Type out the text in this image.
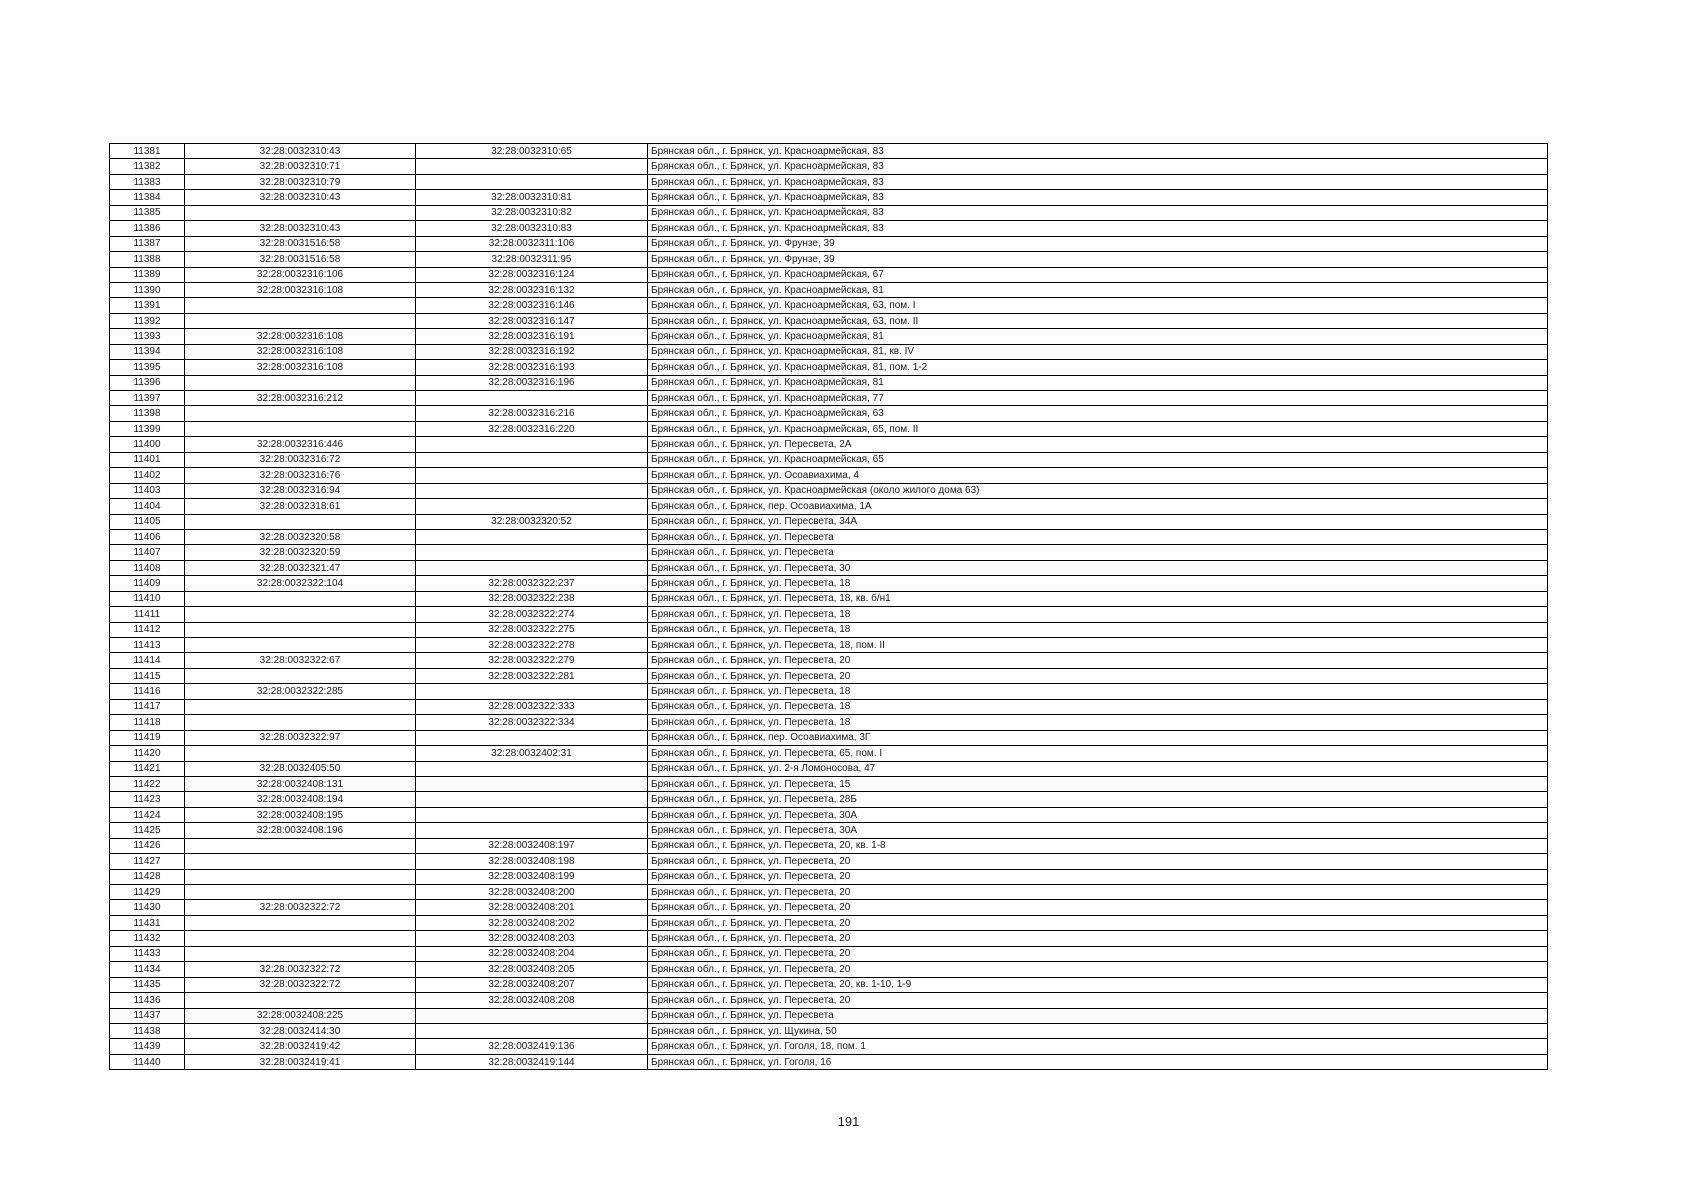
11381	32:28:0032310:43	32:28:0032310:65	Брянская обл., г. Брянск, ул. Красноармейская, 83
11382	32:28:0032310:71		Брянская обл., г. Брянск, ул. Красноармейская, 83
11383	32:28:0032310:79		Брянская обл., г. Брянск, ул. Красноармейская, 83
11384	32:28:0032310:43	32:28:0032310:81	Брянская обл., г. Брянск, ул. Красноармейская, 83
11385		32:28:0032310:82	Брянская обл., г. Брянск, ул. Красноармейская, 83
11386	32:28:0032310:43	32:28:0032310:83	Брянская обл., г. Брянск, ул. Красноармейская, 83
11387	32:28:0031516:58	32:28:0032311:106	Брянская обл., г. Брянск, ул. Фрунзе, 39
11388	32:28:0031516:58	32:28:0032311:95	Брянская обл., г. Брянск, ул. Фрунзе, 39
11389	32:28:0032316:106	32:28:0032316:124	Брянская обл., г. Брянск, ул. Красноармейская, 67
11390	32:28:0032316:108	32:28:0032316:132	Брянская обл., г. Брянск, ул. Красноармейская, 81
11391		32:28:0032316:146	Брянская обл., г. Брянск, ул. Красноармейская, 63, пом. I
11392		32:28:0032316:147	Брянская обл., г. Брянск, ул. Красноармейская, 63, пом. II
11393	32:28:0032316:108	32:28:0032316:191	Брянская обл., г. Брянск, ул. Красноармейская, 81
11394	32:28:0032316:108	32:28:0032316:192	Брянская обл., г. Брянск, ул. Красноармейская, 81, кв. IV
11395	32:28:0032316:108	32:28:0032316:193	Брянская обл., г. Брянск, ул. Красноармейская, 81, пом. 1-2
11396		32:28:0032316:196	Брянская обл., г. Брянск, ул. Красноармейская, 81
11397	32:28:0032316:212		Брянская обл., г. Брянск, ул. Красноармейская, 77
11398		32:28:0032316:216	Брянская обл., г. Брянск, ул. Красноармейская, 63
11399		32:28:0032316:220	Брянская обл., г. Брянск, ул. Красноармейская, 65, пом. II
11400	32:28:0032316:446		Брянская обл., г. Брянск, ул. Пересвета, 2А
11401	32:28:0032316:72		Брянская обл., г. Брянск, ул. Красноармейская, 65
11402	32:28:0032316:76		Брянская обл., г. Брянск, ул. Осоавиахима, 4
11403	32:28:0032316:94		Брянская обл., г. Брянск, ул. Красноармейская (около жилого дома 63)
11404	32:28:0032318:61		Брянская обл., г. Брянск, пер. Осоавиахима, 1А
11405		32:28:0032320:52	Брянская обл., г. Брянск, ул. Пересвета, 34А
11406	32:28:0032320:58		Брянская обл., г. Брянск, ул. Пересвета
11407	32:28:0032320:59		Брянская обл., г. Брянск, ул. Пересвета
11408	32:28:0032321:47		Брянская обл., г. Брянск, ул. Пересвета, 30
11409	32:28:0032322:104	32:28:0032322:237	Брянская обл., г. Брянск, ул. Пересвета, 18
11410		32:28:0032322:238	Брянская обл., г. Брянск, ул. Пересвета, 18, кв. б/н1
11411		32:28:0032322:274	Брянская обл., г. Брянск, ул. Пересвета, 18
11412		32:28:0032322:275	Брянская обл., г. Брянск, ул. Пересвета, 18
11413		32:28:0032322:278	Брянская обл., г. Брянск, ул. Пересвета, 18, пом. II
11414	32:28:0032322:67	32:28:0032322:279	Брянская обл., г. Брянск, ул. Пересвета, 20
11415		32:28:0032322:281	Брянская обл., г. Брянск, ул. Пересвета, 20
11416	32:28:0032322:285		Брянская обл., г. Брянск, ул. Пересвета, 18
11417		32:28:0032322:333	Брянская обл., г. Брянск, ул. Пересвета, 18
11418		32:28:0032322:334	Брянская обл., г. Брянск, ул. Пересвета, 18
11419	32:28:0032322:97		Брянская обл., г. Брянск, пер. Осоавиахима, 3Г
11420		32:28:0032402:31	Брянская обл., г. Брянск, ул. Пересвета, 65, пом. I
11421	32:28:0032405:50		Брянская обл., г. Брянск, ул. 2-я Ломоносова, 47
11422	32:28:0032408:131		Брянская обл., г. Брянск, ул. Пересвета, 15
11423	32:28:0032408:194		Брянская обл., г. Брянск, ул. Пересвета, 28Б
11424	32:28:0032408:195		Брянская обл., г. Брянск, ул. Пересвета, 30А
11425	32:28:0032408:196		Брянская обл., г. Брянск, ул. Пересвета, 30А
11426		32:28:0032408:197	Брянская обл., г. Брянск, ул. Пересвета, 20, кв. 1-8
11427		32:28:0032408:198	Брянская обл., г. Брянск, ул. Пересвета, 20
11428		32:28:0032408:199	Брянская обл., г. Брянск, ул. Пересвета, 20
11429		32:28:0032408:200	Брянская обл., г. Брянск, ул. Пересвета, 20
11430	32:28:0032322:72	32:28:0032408:201	Брянская обл., г. Брянск, ул. Пересвета, 20
11431		32:28:0032408:202	Брянская обл., г. Брянск, ул. Пересвета, 20
11432		32:28:0032408:203	Брянская обл., г. Брянск, ул. Пересвета, 20
11433		32:28:0032408:204	Брянская обл., г. Брянск, ул. Пересвета, 20
11434	32:28:0032322:72	32:28:0032408:205	Брянская обл., г. Брянск, ул. Пересвета, 20
11435	32:28:0032322:72	32:28:0032408:207	Брянская обл., г. Брянск, ул. Пересвета, 20, кв. 1-10, 1-9
11436		32:28:0032408:208	Брянская обл., г. Брянск, ул. Пересвета, 20
11437	32:28:0032408:225		Брянская обл., г. Брянск, ул. Пересвета
11438	32:28:0032414:30		Брянская обл., г. Брянск, ул. Щукина, 50
11439	32:28:0032419:42	32:28:0032419:136	Брянская обл., г. Брянск, ул. Гоголя, 18, пом. 1
11440	32:28:0032419:41	32:28:0032419:144	Брянская обл., г. Брянск, ул. Гоголя, 16
191
